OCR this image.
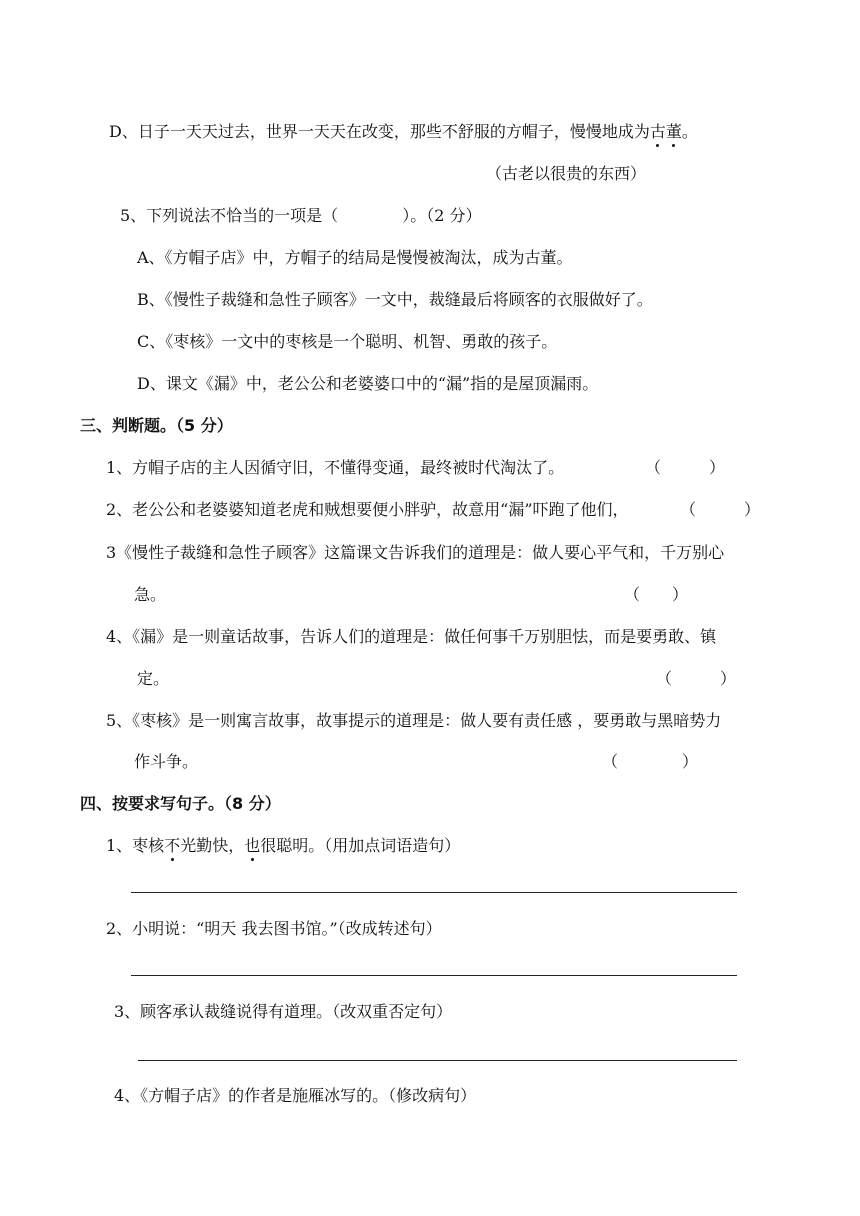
D、日子一天天过去，世界一天天在改变，那些不舒服的方帽子，慢慢地成为古董。
（古老以很贵的东西）
5、下列说法不恰当的一项是（	）。（2 分）
A、《方帽子店》中，方帽子的结局是慢慢被淘汰，成为古董。
B、《慢性子裁缝和急性子顾客》一文中，裁缝最后将顾客的衣服做好了。
C、《枣核》一文中的枣核是一个聪明、机智、勇敢的孩子。
D、课文《漏》中，老公公和老婆婆口中的“漏”指的是屋顶漏雨。
三、判断题。（5 分）
1、方帽子店的主人因循守旧，不懂得变通，最终被时代淘汰了。	（　　　）
2、老公公和老婆婆知道老虎和贼想要便小胖驴，故意用“漏”吓跑了他们，	（　　　）
3《慢性子裁缝和急性子顾客》这篇课文告诉我们的道理是：做人要心平气和，千万别心
急。	（　　）
4、《漏》是一则童话故事，告诉人们的道理是：做任何事千万别胆怯，而是要勇敢、镇
定。	（　　　）
5、《枣核》是一则寓言故事，故事提示的道理是：做人要有责任感 ，要勇敢与黑暗势力
作斗争。	（　　　　）
四、按要求写句子。（8 分）
1、枣核不光勤快，也很聪明。（用加点词语造句）
2、小明说：“明天 我去图书馆。”（改成转述句）
3、顾客承认裁缝说得有道理。（改双重否定句）
4、《方帽子店》的作者是施雁冰写的。（修改病句）
